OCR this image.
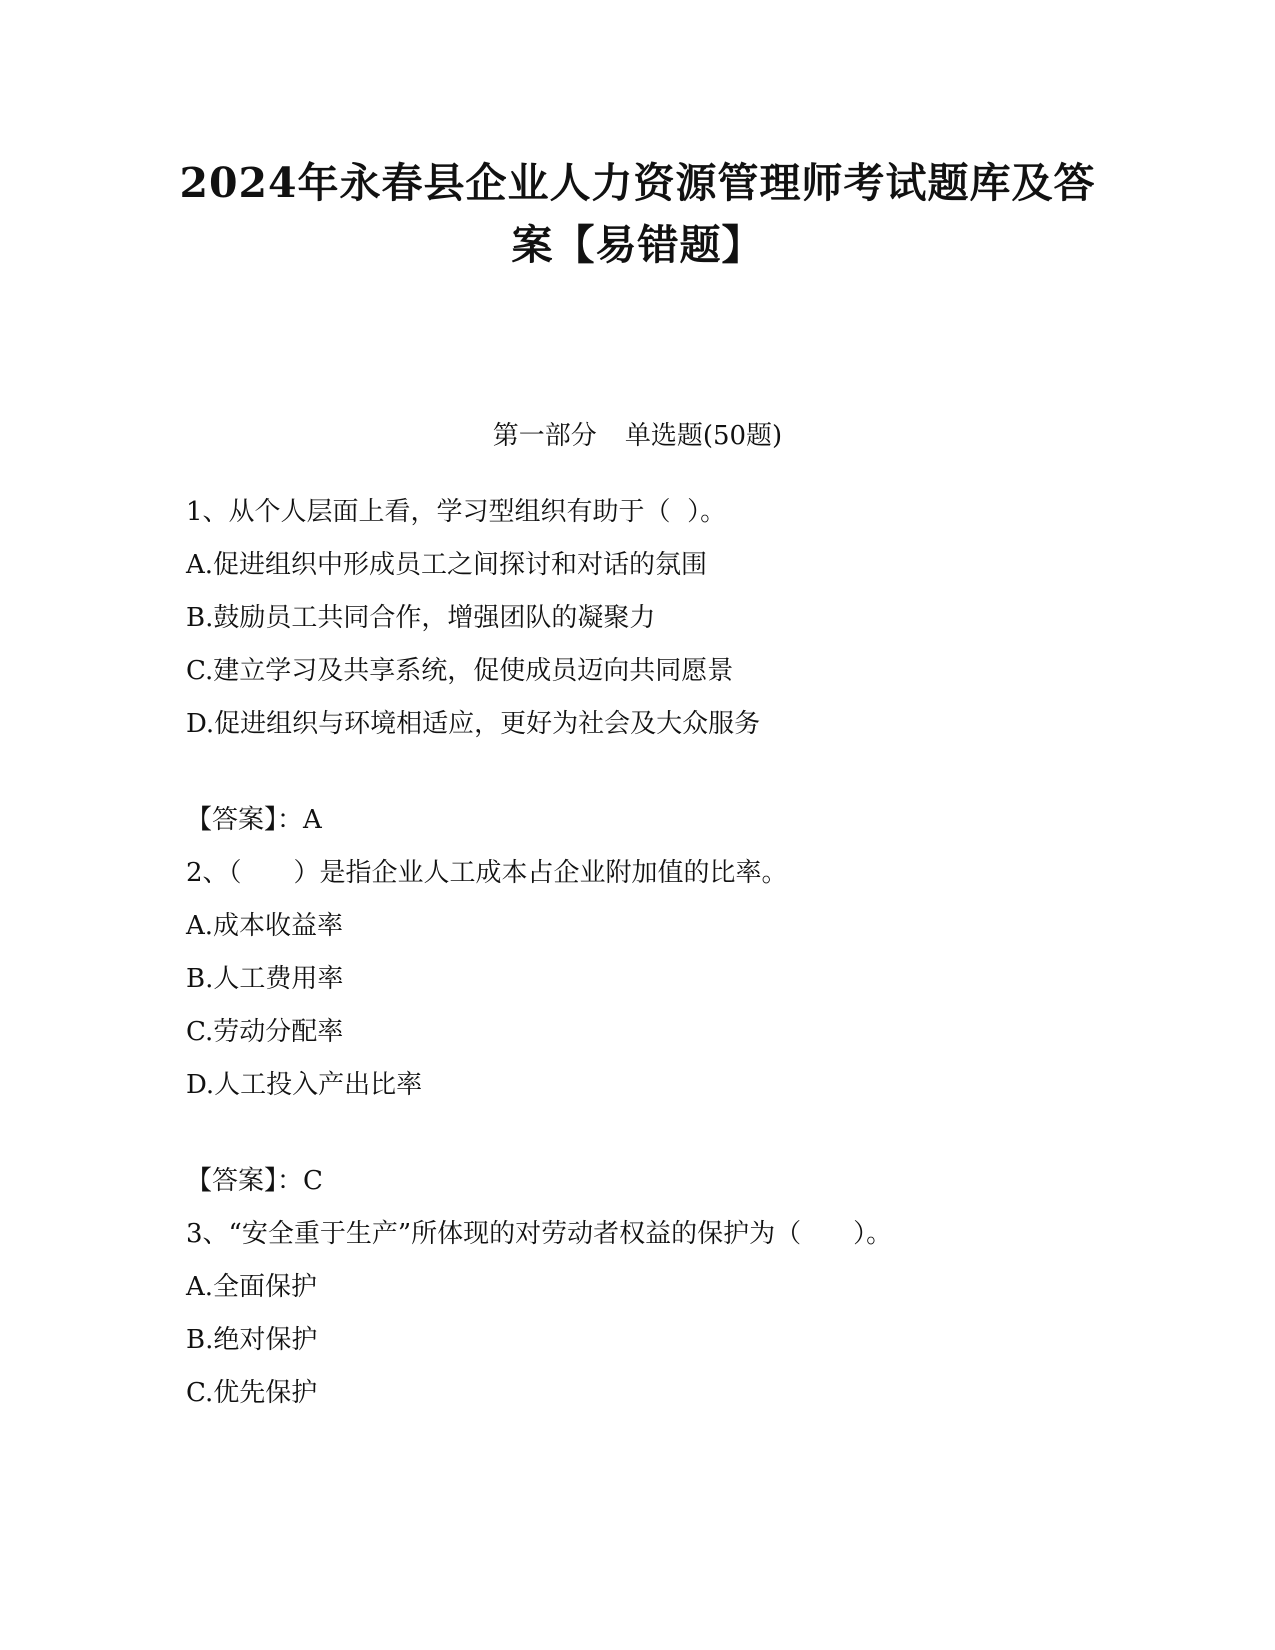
2024年永春县企业人力资源管理师考试题库及答
案【易错题】
第一部分 单选题(50题)
1、从个人层面上看，学习型组织有助于（  ）。
A.促进组织中形成员工之间探讨和对话的氛围
B.鼓励员工共同合作，增强团队的凝聚力
C.建立学习及共享系统，促使成员迈向共同愿景
D.促进组织与环境相适应，更好为社会及大众服务
【答案】：A
2、（　　）是指企业人工成本占企业附加值的比率。
A.成本收益率
B.人工费用率
C.劳动分配率
D.人工投入产出比率
【答案】：C
3、“安全重于生产”所体现的对劳动者权益的保护为（　　）。
A.全面保护
B.绝对保护
C.优先保护
